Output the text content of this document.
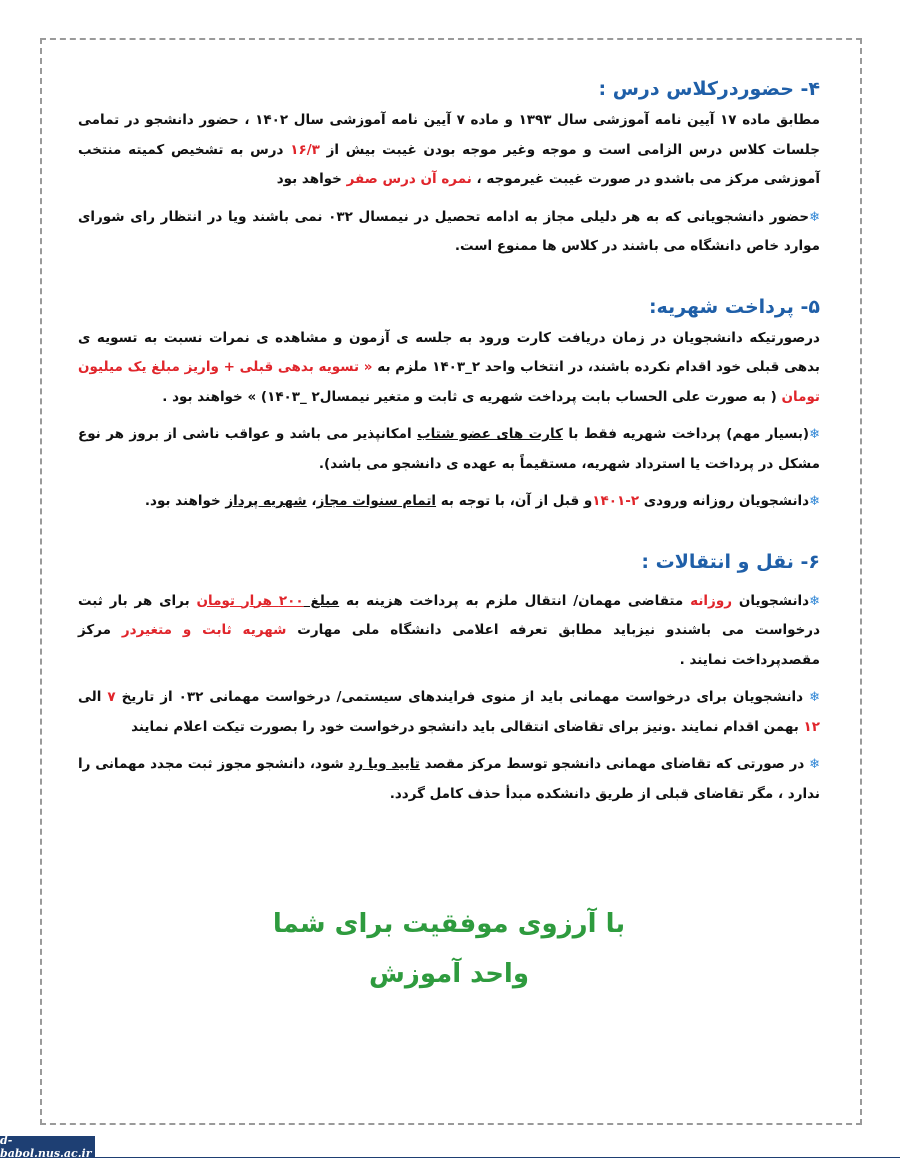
۴- حضوردرکلاس درس :

مطابق ماده ۱۷ آیین نامه آموزشی سال ۱۳۹۳ و ماده ۷ آیین نامه آموزشی سال ۱۴۰۲ ، حضور دانشجو در تمامی جلسات کلاس درس الزامی است و موجه وغیر موجه بودن غیبت بیش از ۱۶/۳ درس به تشخیص کمیته منتخب آموزشی مرکز می باشدو در صورت غیبت غیرموجه ، نمره آن درس صفر خواهد بود

❄حضور دانشجویانی که به هر دلیلی مجاز به ادامه تحصیل در نیمسال ۰۳۲ نمی باشند ویا در انتظار رای شورای موارد خاص دانشگاه می باشند در کلاس ها ممنوع است.

۵- پرداخت شهریه:

درصورتیکه دانشجویان در زمان دریافت کارت ورود به جلسه ی آزمون و مشاهده ی نمرات نسبت به تسویه ی بدهی قبلی خود اقدام نکرده باشند، در انتخاب واحد ۲_۱۴۰۳ ملزم به « تسویه بدهی قبلی + واریز مبلغ یک میلیون تومان ( به صورت علی الحساب بابت پرداخت شهریه ی ثابت و متغیر نیمسال۲ _۱۴۰۳) » خواهند بود .

❄(بسیار مهم) پرداخت شهریه فقط با کارت های عضو شتاب امکانپذیر می باشد و عواقب ناشی از بروز هر نوع مشکل در پرداخت یا استرداد شهریه، مستقیماً به عهده ی دانشجو می باشد).

❄دانشجویان روزانه ورودی ۲-۱۴۰۱و قبل از آن، با توجه به اتمام سنوات مجاز، شهریه پرداز خواهند بود.

۶- نقل و انتقالات :

❄دانشجویان روزانه متقاضی مهمان/ انتقال ملزم به پرداخت هزینه به مبلغ ۲۰۰ هرار تومان برای هر بار ثبت درخواست می باشندو نیزباید مطابق تعرفه اعلامی دانشگاه ملی مهارت شهریه ثابت و متغیردر مرکز مقصدپرداخت نمایند .

❄ دانشجویان برای درخواست مهمانی باید از منوی فرایندهای سیستمی/ درخواست مهمانی ۰۳۲ از تاریخ ۷ الی ۱۲ بهمن اقدام نمایند .ونیز برای تقاضای انتقالی باید دانشجو درخواست خود را بصورت تیکت اعلام نمایند

❄ در صورتی که تقاضای مهمانی دانشجو توسط مرکز مقصد تایید ویا رد شود، دانشجو مجوز ثبت مجدد مهمانی را ندارد ، مگر تقاضای قبلی از طریق دانشکده مبدأ حذف کامل گردد.

با آرزوی موفقیت برای شما

واحد آموزش

d-babol.nus.ac.ir
